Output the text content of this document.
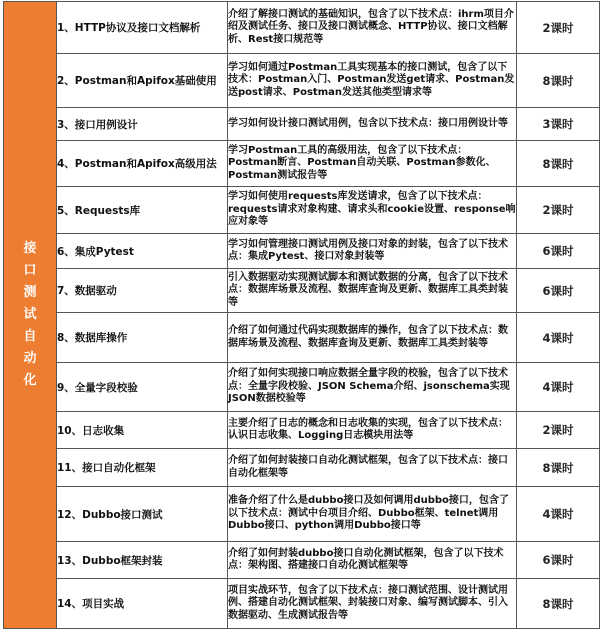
接口测试自动化	1、HTTP协议及接口文档解析	介绍了解接口测试的基础知识，包含了以下技术点：ihrm项目介绍及测试任务、接口及接口测试概念、HTTP协议、接口文档解析、Rest接口规范等	2课时
	2、Postman和Apifox基础使用	学习如何通过Postman工具实现基本的接口测试，包含了以下技术：Postman入门、Postman发送get请求、Postman发送post请求、Postman发送其他类型请求等	8课时
	3、接口用例设计	学习如何设计接口测试用例，包含以下技术点：接口用例设计等	3课时
	4、Postman和Apifox高级用法	学习Postman工具的高级用法，包含了以下技术点：Postman断言、Postman自动关联、Postman参数化、Postman测试报告等	8课时
	5、Requests库	学习如何使用requests库发送请求，包含了以下技术点：requests请求对象构建、请求头和cookie设置、response响应对象等	2课时
	6、集成Pytest	学习如何管理接口测试用例及接口对象的封装，包含了以下技术点：集成Pytest、接口对象封装等	6课时
	7、数据驱动	引入数据驱动实现测试脚本和测试数据的分离，包含了以下技术点：数据库场景及流程、数据库查询及更新、数据库工具类封装等	6课时
	8、数据库操作	介绍了如何通过代码实现数据库的操作，包含了以下技术点：数据库场景及流程、数据库查询及更新、数据库工具类封装等	4课时
	9、全量字段校验	介绍了如何实现接口响应数据全量字段的校验，包含了以下技术点：全量字段校验、JSON Schema介绍、jsonschema实现JSON数据校验等	4课时
	10、日志收集	主要介绍了日志的概念和日志收集的实现，包含了以下技术点：认识日志收集、Logging日志模块用法等	2课时
	11、接口自动化框架	介绍了如何封装接口自动化测试框架，包含了以下技术点：接口自动化框架等	8课时
	12、Dubbo接口测试	准备介绍了什么是dubbo接口及如何调用dubbo接口，包含了以下技术点：测试中台项目介绍、Dubbo框架、telnet调用Dubbo接口、python调用Dubbo接口等	4课时
	13、Dubbo框架封装	介绍了如何封装dubbo接口自动化测试框架，包含了以下技术点：架构图、搭建接口自动化测试框架等	6课时
	14、项目实战	项目实战环节，包含了以下技术点：接口测试范围、设计测试用例、搭建自动化测试框架、封装接口对象、编写测试脚本、引入数据驱动、生成测试报告等	8课时
